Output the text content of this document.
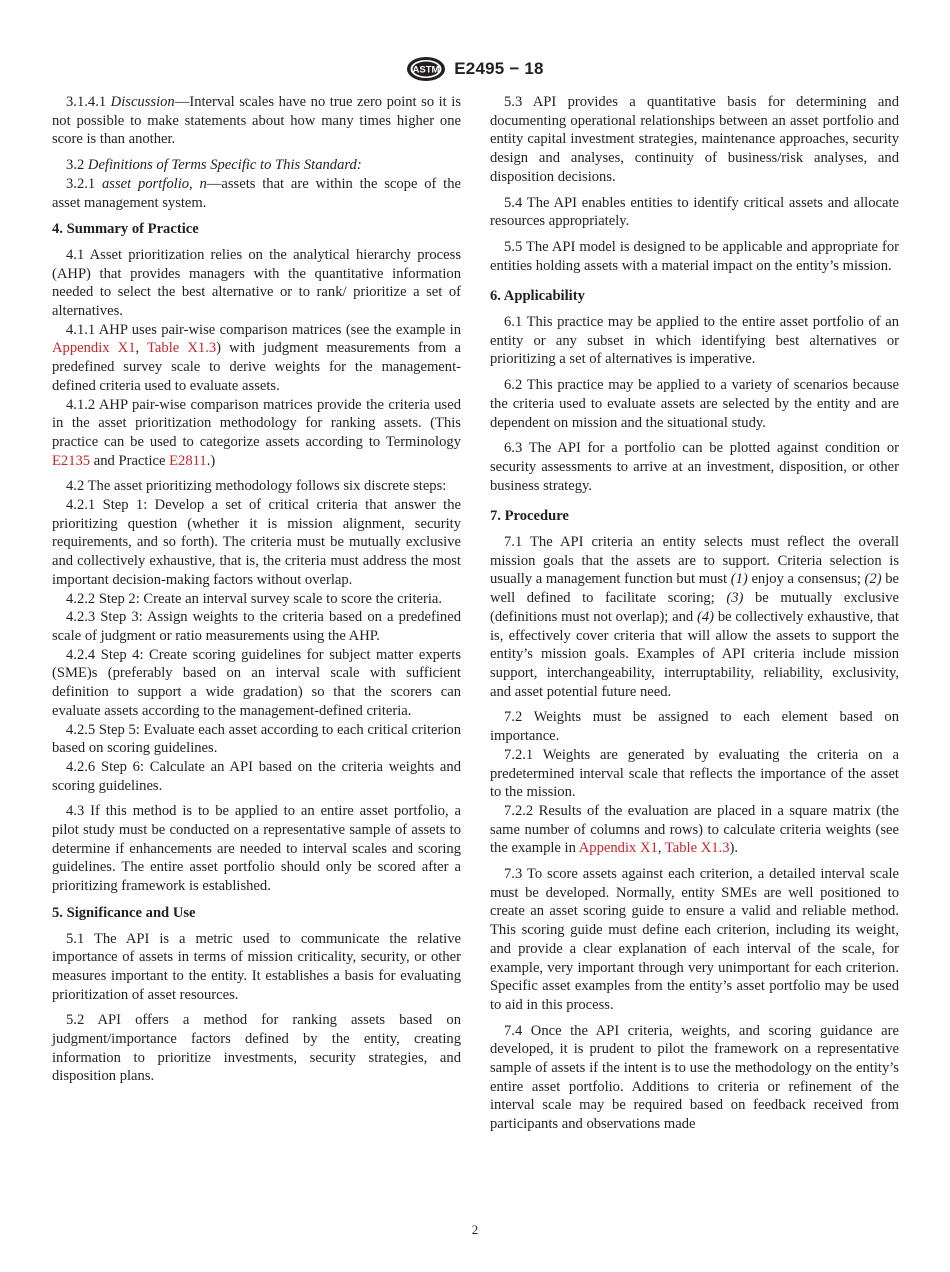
ASTM E2495 − 18

3.1.4.1 Discussion—Interval scales have no true zero point so it is not possible to make statements about how many times higher one score is than another.

3.2 Definitions of Terms Specific to This Standard:

3.2.1 asset portfolio, n—assets that are within the scope of the asset management system.

4. Summary of Practice

4.1 Asset prioritization relies on the analytical hierarchy process (AHP) that provides managers with the quantitative information needed to select the best alternative or to rank/ prioritize a set of alternatives.

4.1.1 AHP uses pair-wise comparison matrices (see the example in Appendix X1, Table X1.3) with judgment measurements from a predefined survey scale to derive weights for the management-defined criteria used to evaluate assets.

4.1.2 AHP pair-wise comparison matrices provide the criteria used in the asset prioritization methodology for ranking assets. (This practice can be used to categorize assets according to Terminology E2135 and Practice E2811.)

4.2 The asset prioritizing methodology follows six discrete steps:

4.2.1 Step 1: Develop a set of critical criteria that answer the prioritizing question (whether it is mission alignment, security requirements, and so forth). The criteria must be mutually exclusive and collectively exhaustive, that is, the criteria must address the most important decision-making factors without overlap.

4.2.2 Step 2: Create an interval survey scale to score the criteria.

4.2.3 Step 3: Assign weights to the criteria based on a predefined scale of judgment or ratio measurements using the AHP.

4.2.4 Step 4: Create scoring guidelines for subject matter experts (SME)s (preferably based on an interval scale with sufficient definition to support a wide gradation) so that the scorers can evaluate assets according to the management-defined criteria.

4.2.5 Step 5: Evaluate each asset according to each critical criterion based on scoring guidelines.

4.2.6 Step 6: Calculate an API based on the criteria weights and scoring guidelines.

4.3 If this method is to be applied to an entire asset portfolio, a pilot study must be conducted on a representative sample of assets to determine if enhancements are needed to interval scales and scoring guidelines. The entire asset portfolio should only be scored after a prioritizing framework is established.

5. Significance and Use

5.1 The API is a metric used to communicate the relative importance of assets in terms of mission criticality, security, or other measures important to the entity. It establishes a basis for evaluating prioritization of asset resources.

5.2 API offers a method for ranking assets based on judgment/importance factors defined by the entity, creating information to prioritize investments, security strategies, and disposition plans.

5.3 API provides a quantitative basis for determining and documenting operational relationships between an asset portfolio and entity capital investment strategies, maintenance approaches, security design and analyses, continuity of business/risk analyses, and disposition decisions.

5.4 The API enables entities to identify critical assets and allocate resources appropriately.

5.5 The API model is designed to be applicable and appropriate for entities holding assets with a material impact on the entity’s mission.

6. Applicability

6.1 This practice may be applied to the entire asset portfolio of an entity or any subset in which identifying best alternatives or prioritizing a set of alternatives is imperative.

6.2 This practice may be applied to a variety of scenarios because the criteria used to evaluate assets are selected by the entity and are dependent on mission and the situational study.

6.3 The API for a portfolio can be plotted against condition or security assessments to arrive at an investment, disposition, or other business strategy.

7. Procedure

7.1 The API criteria an entity selects must reflect the overall mission goals that the assets are to support. Criteria selection is usually a management function but must (1) enjoy a consensus; (2) be well defined to facilitate scoring; (3) be mutually exclusive (definitions must not overlap); and (4) be collectively exhaustive, that is, effectively cover criteria that will allow the assets to support the entity’s mission goals. Examples of API criteria include mission support, interchangeability, interruptability, reliability, exclusivity, and asset potential future need.

7.2 Weights must be assigned to each element based on importance.

7.2.1 Weights are generated by evaluating the criteria on a predetermined interval scale that reflects the importance of the asset to the mission.

7.2.2 Results of the evaluation are placed in a square matrix (the same number of columns and rows) to calculate criteria weights (see the example in Appendix X1, Table X1.3).

7.3 To score assets against each criterion, a detailed interval scale must be developed. Normally, entity SMEs are well positioned to create an asset scoring guide to ensure a valid and reliable method. This scoring guide must define each criterion, including its weight, and provide a clear explanation of each interval of the scale, for example, very important through very unimportant for each criterion. Specific asset examples from the entity’s asset portfolio may be used to aid in this process.

7.4 Once the API criteria, weights, and scoring guidance are developed, it is prudent to pilot the framework on a representative sample of assets if the intent is to use the methodology on the entity’s entire asset portfolio. Additions to criteria or refinement of the interval scale may be required based on feedback received from participants and observations made

2
